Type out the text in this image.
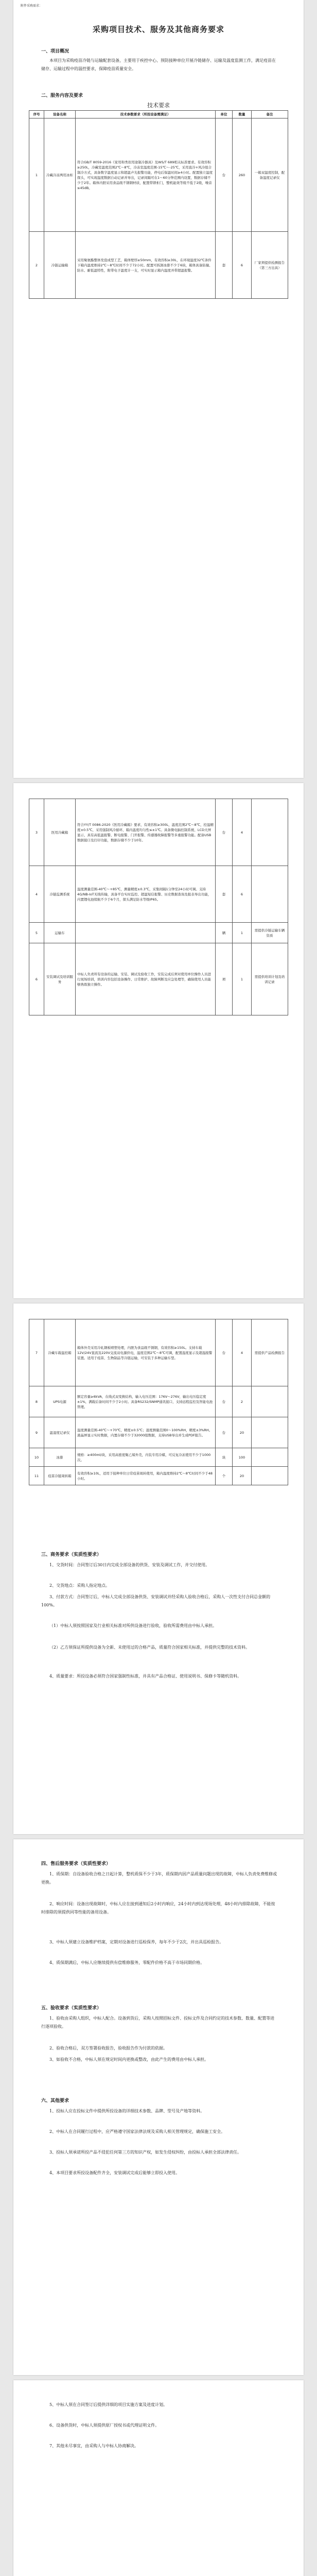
附件采购需求：
采购项目技术、服务及其他商务要求
一、项目概况
本项目为采购疫苗冷链与运输配套设备，主要用于疾控中心、预防接种单位开展冷链储存、运输及温度监测工作，满足疫苗在储存、运输过程中的温控要求，保障疫苗质量安全。
二、服务内容及要求
技术要求
序号	设备名称	技术参数要求（所投设备需满足）	单位	数量	备注
1	冷藏冷冻两用冰柜	符合GB/T 8059-2016《家用和类似用途制冷器具》及WS/T 689相关标准要求。有效容积≥250L，冷藏室温度范围2℃～8℃，冷冻室温度范围-15℃～-25℃，采用直冷+风冷组合制冷方式，具备数字温度显示和超温声光报警功能，停电后保温时间≥4小时。配置独立温度探头，可实现温度数据自动记录并导出，记录间隔可在1～60分钟范围内设置，数据存储不少于2年。箱体内胆采用食品级不锈钢材质，配置带锁柜门，整机能效等级不低于2级，噪音≤45dB。	台	260	一箱双温度控制，配备温度记录仪
2	冷链运输箱	采用聚氨酯整体发泡成型工艺，箱体壁厚≥50mm，有效容积≥30L，在环境温度32℃条件下箱内温度维持2℃～8℃时间不少于72小时。配置可拆卸冰排不少于6块，箱体具备防撞、防水、耐低温特性，附带电子温度计一支，可实时显示箱内温度并带超温报警。	套	6	厂家须提供检测报告（第三方出具）
3	医用冷藏箱	符合YY/T 0086-2020《医用冷藏箱》要求，有效容积≥300L，温度范围2℃～8℃，控温精度±0.5℃，采用强制风冷循环，箱内温度均匀性≤±1℃。具备微电脑控制系统、LCD大屏显示，具有高低温报警、断电报警、门开报警、传感器故障报警等多重报警功能。配备USB数据接口及打印功能，数据存储不少于10年。	台	4	
4	冷链监测系统	温度测量范围-40℃～+85℃，测量精度±0.3℃，采集间隔1分钟至24小时可调。支持4G/NB-IoT无线传输，具备平台实时监控、超温短信报警、历史数据查询及报表导出功能，内置锂电池续航不少于6个月，探头满足防水等级IP65。	套	6	
5	运输车		辆	1	需提供冷链运输车辆资质
6	安装调试及培训服务	中标人负责所有设备的运输、安装、调试及验收工作，安装完成后须对使用单位操作人员进行现场培训，培训内容包括设备操作、日常维护、故障判断及应急处理等，确保使用人员能够熟练独立操作。	项	1	需提供培训计划及培训记录
7	冷藏车载温控箱	箱体外壳采用冷轧钢板喷塑处理，内胆为食品级不锈钢，有效容积≥150L。支持车载12V/24V直流及220V交流双电源供电，温度范围2℃～8℃可调，配置温度显示及超温报警装置。适用于疫苗、生物制品等冷链运输，可安装于多种运输车型。	台	4	需提供产品检测报告
8	UPS电源	额定容量≥6kVA，在线式双变换结构，输入电压范围：176V～276V，输出电压稳定度±1%，满载后备时间不少于2小时。具备RS232/SNMP通讯接口，支持远程监控及智能电池管理。	台	2	
9	温湿度记录仪	温度测量范围-40℃～+70℃，精度±0.5℃；湿度测量范围0～100%RH，精度±3%RH。液晶屏显示实时数据，内置存储不少于32000组数据，支持USB导出并生成PDF报告。	台	20	
10	冰排	规格：≥400ml/块，采用高密度聚乙烯外壳，内装专用冷媒，可反复冷冻使用不少于1000次。	块	100	
11	疫苗冷链周转箱	有效容积≥10L，适用于接种单位日常疫苗周转使用，箱内温度维持2℃～8℃时间不少于48小时。	个	20	
三、商务要求（实质性要求）
1、交货时间：合同签订后30日内完成全部设备的供货、安装及调试工作，并交付使用。
2、交货地点：采购人指定地点。
3、付款方式：合同签订后，中标人完成全部设备供货、安装调试并经采购人验收合格后，采购人一次性支付合同总金额的100%。
（1）中标人须按照国家及行业相关标准对所供设备进行验收，验收所需费用由中标人承担。
（2）乙方须保证所提供设备为全新、未使用过的合格产品，质量符合国家相关标准，并提供完整的技术资料。
4、质量要求：所投设备必须符合国家强制性标准，并具有产品合格证、使用说明书、保修卡等随机资料。
四、售后服务要求（实质性要求）
1、质保期：自设备验收合格之日起计算，整机质保不少于3年，质保期内因产品质量问题出现的故障，中标人负责免费维修或更换。
2、响应时间：设备出现故障时，中标人应在接到通知后2小时内响应，24小时内到达现场处理，48小时内排除故障，不能按时排除的须提供同等性能的备用设备。
3、中标人须建立设备维护档案，定期对设备进行巡检保养，每年不少于2次，并出具巡检报告。
4、质保期满后，中标人应继续提供有偿维修服务，零配件价格不高于市场同期价格。
五、验收要求（实质性要求）
1、验收由采购人组织，中标人配合。设备到货后，采购人按照招标文件、投标文件及合同约定的技术参数、数量、配置等进行逐项验收。
2、验收合格后，双方签署验收报告，验收报告作为付款的依据。
3、如验收不合格，中标人须在规定时间内更换或整改，由此产生的费用由中标人承担。
六、其他要求
1、投标人应在投标文件中提供所投设备的详细技术参数、品牌、型号及产地等资料。
2、中标人在合同履行过程中，应严格遵守国家法律法规及采购人相关管理规定，确保施工安全。
3、投标人须承诺所投产品不侵犯任何第三方的知识产权，如发生侵权纠纷，由投标人承担全部法律责任。
4、本项目要求所投设备配件齐全，安装调试完成后能够立即投入使用。
5、中标人须在合同签订后提供详细的项目实施方案及进度计划。
6、设备供货时，中标人须提供原厂授权书或代理证明文件。
7、其他未尽事宜，由采购人与中标人协商解决。
